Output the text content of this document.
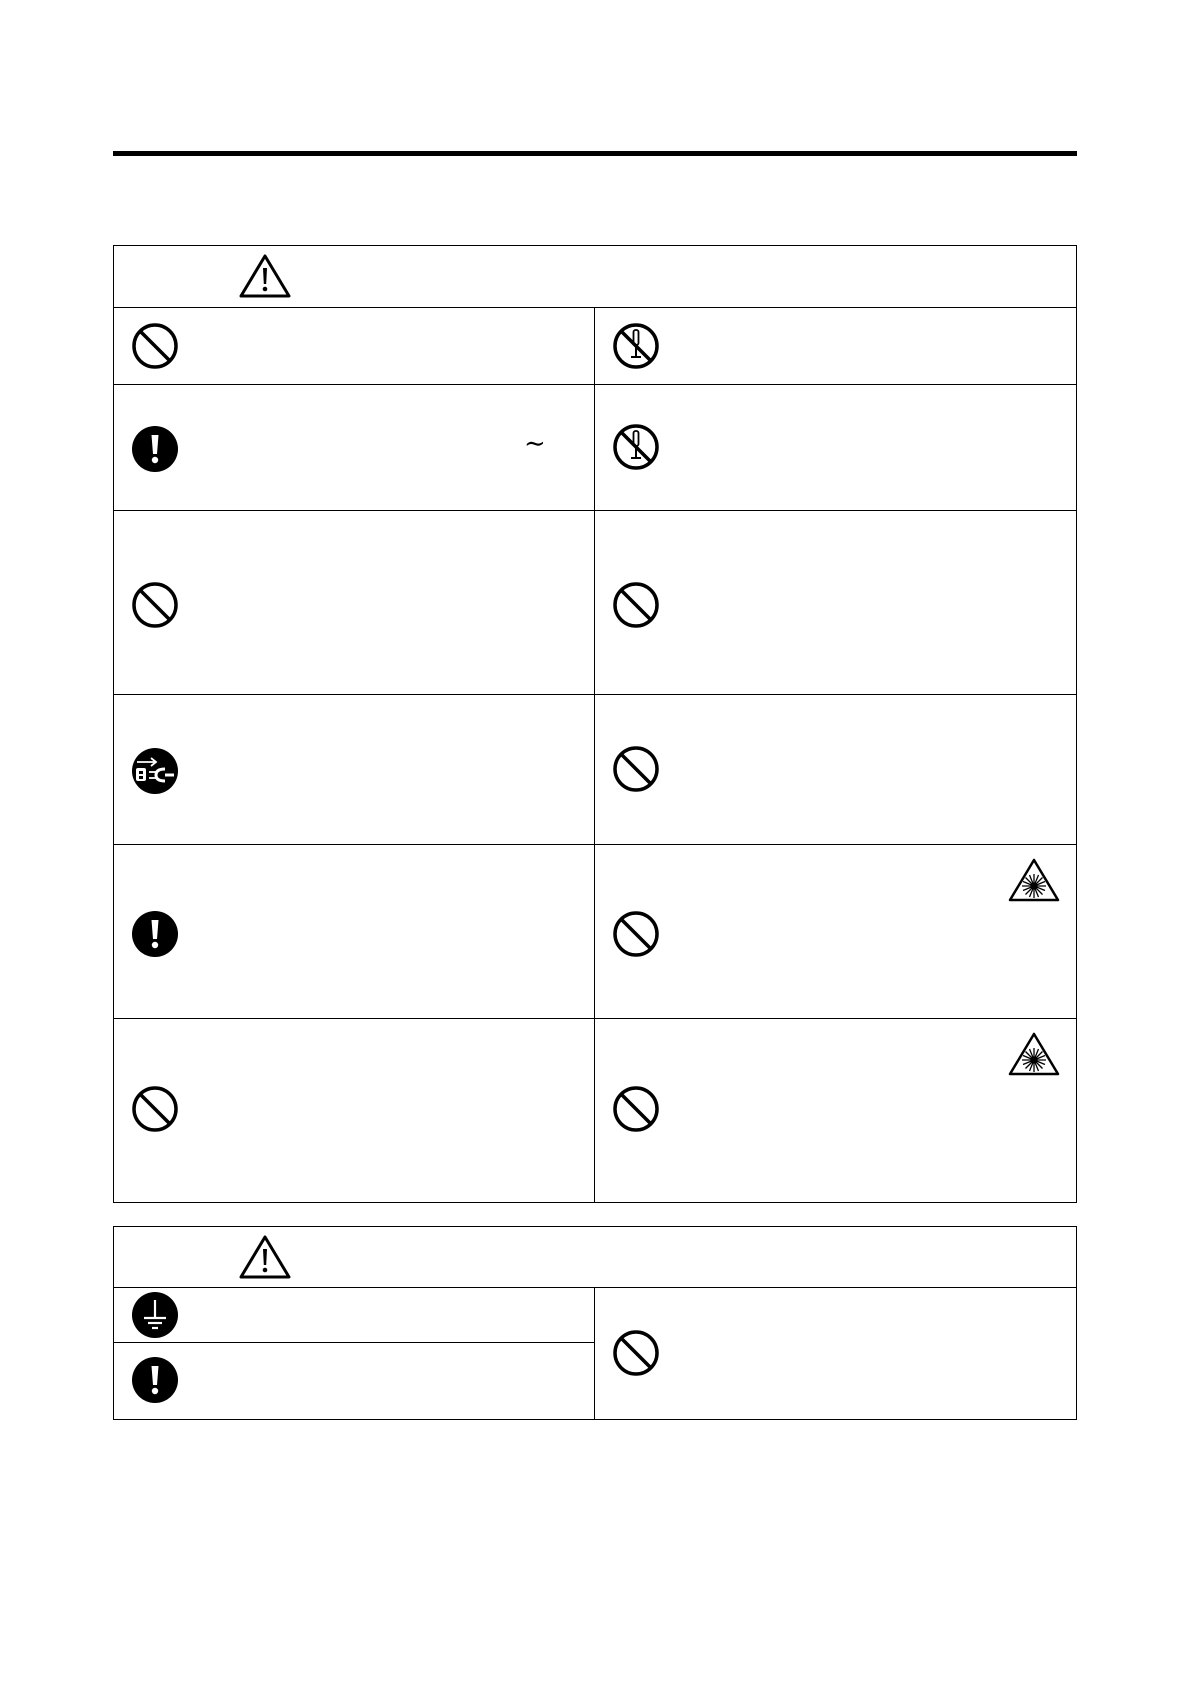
∼
